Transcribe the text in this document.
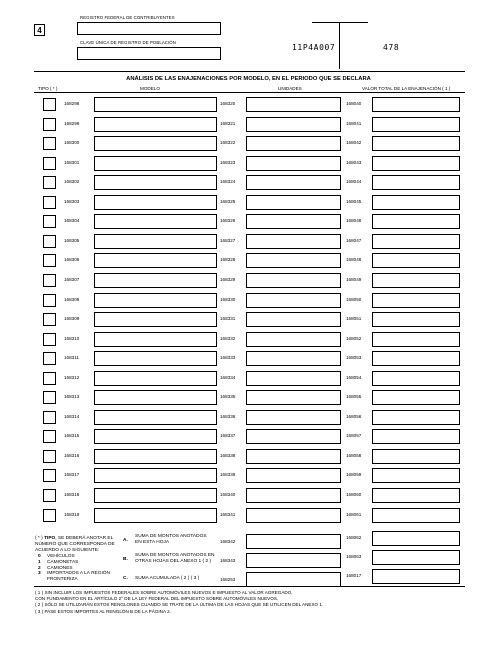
REGISTRO FEDERAL DE CONTRIBUYENTES
4
CLAVE ÚNICA DE REGISTRO DE POBLACIÓN
11P4A007	478
ANÁLISIS DE LAS ENAJENACIONES POR MODELO, EN EL PERIODO QUE SE DECLARA
TIPO ( * )	MODELO	UNIDADES	VALOR TOTAL DE LA ENAJENACIÓN ( 1 )
168298	168320	168040
168299	168321	168041
168300	168322	168042
168301	168323	168043
168302	168324	168044
168303	168325	168045
168304	168326	168046
168305	168327	168047
168306	168328	168048
168307	168329	168049
168308	168330	168050
168309	168331	168051
168310	168332	168052
168311	168333	168053
168312	168334	168054
168313	168335	168055
168314	168336	168056
168315	168337	168057
168316	168338	168058
168317	168339	168059
168318	168340	168060
168319	168341	168061
( * ) TIPO, SE DEBERÁ ANOTAR EL
NÚMERO QUE CORRESPONDA DE
ACUERDO A LO SIGUIENTE:
0 VEHÍCULOS
1 CAMIONETAS
2 CAMIONES
3 IMPORTADOS A LA REGIÓN
FRONTERIZA
A.
SUMA DE MONTOS ANOTADOS
EN ESTA HOJA	168342
168062
B.
SUMA DE MONTOS ANOTADOS EN
OTRAS HOJAS DEL ANEXO 1 ( 2 ) 168343
168063
C. SUMA ACUMULADA ( 2 ) ( 3 )	168253
168017
( 1 ) SIN INCLUIR LOS IMPUESTOS FEDERALES SOBRE AUTOMÓVILES NUEVOS E IMPUESTO AL VALOR AGREGADO,
CON FUNDAMENTO EN EL ARTÍCULO 2° DE LA LEY FEDERAL DEL IMPUESTO SOBRE AUTOMÓVILES NUEVOS.
( 2 ) SÓLO SE UTILIZARÁN ESTOS RENGLONES CUANDO SE TRATE DE LA ÚLTIMA DE LAS HOJAS QUE SE UTILICEN DEL ANEXO 1.
( 3 ) PASE ESTOS IMPORTES AL RENGLÓN B DE LA PÁGINA 2.
